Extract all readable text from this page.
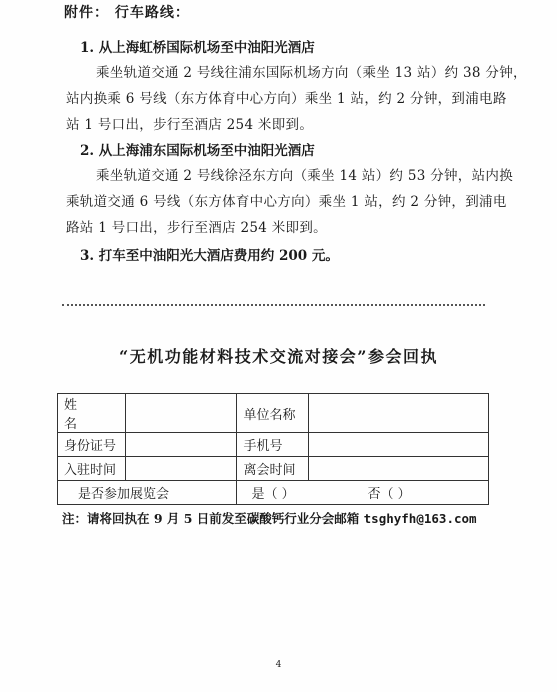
附件： 行车路线：
1. 从上海虹桥国际机场至中油阳光酒店
乘坐轨道交通 2 号线往浦东国际机场方向（乘坐 13 站）约 38 分钟，
站内换乘 6 号线（东方体育中心方向）乘坐 1 站，约 2 分钟，到浦电路
站 1 号口出，步行至酒店 254 米即到。
2. 从上海浦东国际机场至中油阳光酒店
乘坐轨道交通 2 号线徐泾东方向（乘坐 14 站）约 53 分钟，站内换
乘轨道交通 6 号线（东方体育中心方向）乘坐 1 站，约 2 分钟，到浦电
路站 1 号口出，步行至酒店 254 米即到。
3. 打车至中油阳光大酒店费用约 200 元。
“无机功能材料技术交流对接会”参会回执
姓 名		单位名称	
身份证号		手机号	
入驻时间		离会时间	
是否参加展览会		是（ ） 否（ ）	
注：请将回执在 9 月 5 日前发至碳酸钙行业分会邮箱 tsghyfh@163.com
4
